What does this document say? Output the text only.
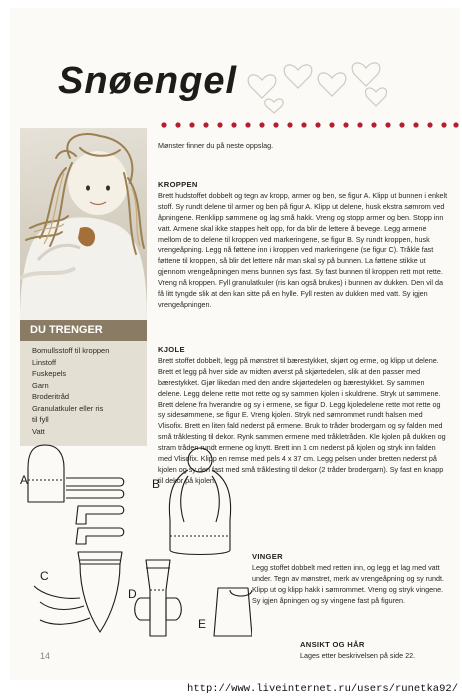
Snøengel
DU TRENGER
Bomullsstoff til kroppen
Linstoff
Fuskepels
Garn
Broderitråd
Granulatkuler eller ris
til fyll
Vatt

Mønster finner du på neste oppslag.

KROPPEN

Brett hudstoffet dobbelt og tegn av kropp, armer og ben, se figur A. Klipp ut bunnen i enkelt stoff. Sy rundt delene til armer og ben på figur A. Klipp ut delene, husk ekstra sømrom ved åpningene. Renklipp sømmene og lag små hakk. Vreng og stopp armer og ben. Stopp inn vatt. Armene skal ikke stappes helt opp, for da blir de lettere å bevege. Legg armene mellom de to delene til kroppen ved markeringene, se figur B. Sy rundt kroppen, husk vrengeåpning. Legg nå føttene inn i kroppen ved markeringene (se figur C). Tråkle fast føttene til kroppen, så blir det lettere når man skal sy på bunnen. La føttene stikke ut gjennom vrengeåpningen mens bunnen sys fast. Sy fast bunnen til kroppen rett mot rette. Vreng nå kroppen. Fyll granulatkuler (ris kan også brukes) i bunnen av dukken. Den vil da få litt tyngde slik at den kan sitte på en hylle. Fyll resten av dukken med vatt. Sy igjen vrengeåpningen.

KJOLE

Brett stoffet dobbelt, legg på mønstret til bærestykket, skjørt og erme, og klipp ut delene. Brett et legg på hver side av midten øverst på skjørtedelen, slik at den passer med bærestykket. Gjør likedan med den andre skjørtedelen og bærestykket. Sy sammen delene. Legg delene rette mot rette og sy sammen kjolen i skuldrene. Stryk ut sømmene. Brett delene fra hverandre og sy i ermene, se figur D. Legg kjoledelene rette mot rette og sy sidesømmene, se figur E. Vreng kjolen. Stryk ned sømrommet rundt halsen med Vlisofix. Brett en liten fald nederst på ermene. Bruk to tråder brodergarn og sy falden med små tråklesting til dekor. Rynk sammen ermene med tråkletråden. Kle kjolen på dukken og stram tråden rundt ermene og knytt. Brett inn 1 cm nederst på kjolen og stryk inn falden med Vlisofix. Klipp en remse med pels 4 x 37 cm. Legg pelsen under bretten nederst på kjolen og sy den fast med små tråklesting til dekor (2 tråder brodergarn). Sy fast en knapp til dekor på kjolen.

VINGER

Legg stoffet dobbelt med retten inn, og legg et lag med vatt under. Tegn av mønstret, merk av vrengeåpning og sy rundt. Klipp ut og klipp hakk i sømrommet. Vreng og stryk vingene. Sy igjen åpningen og sy vingene fast på figuren.

ANSIKT OG HÅR

Lages etter beskrivelsen på side 22.

A	B
C
D
E
14
http://www.liveinternet.ru/users/runetka92/
